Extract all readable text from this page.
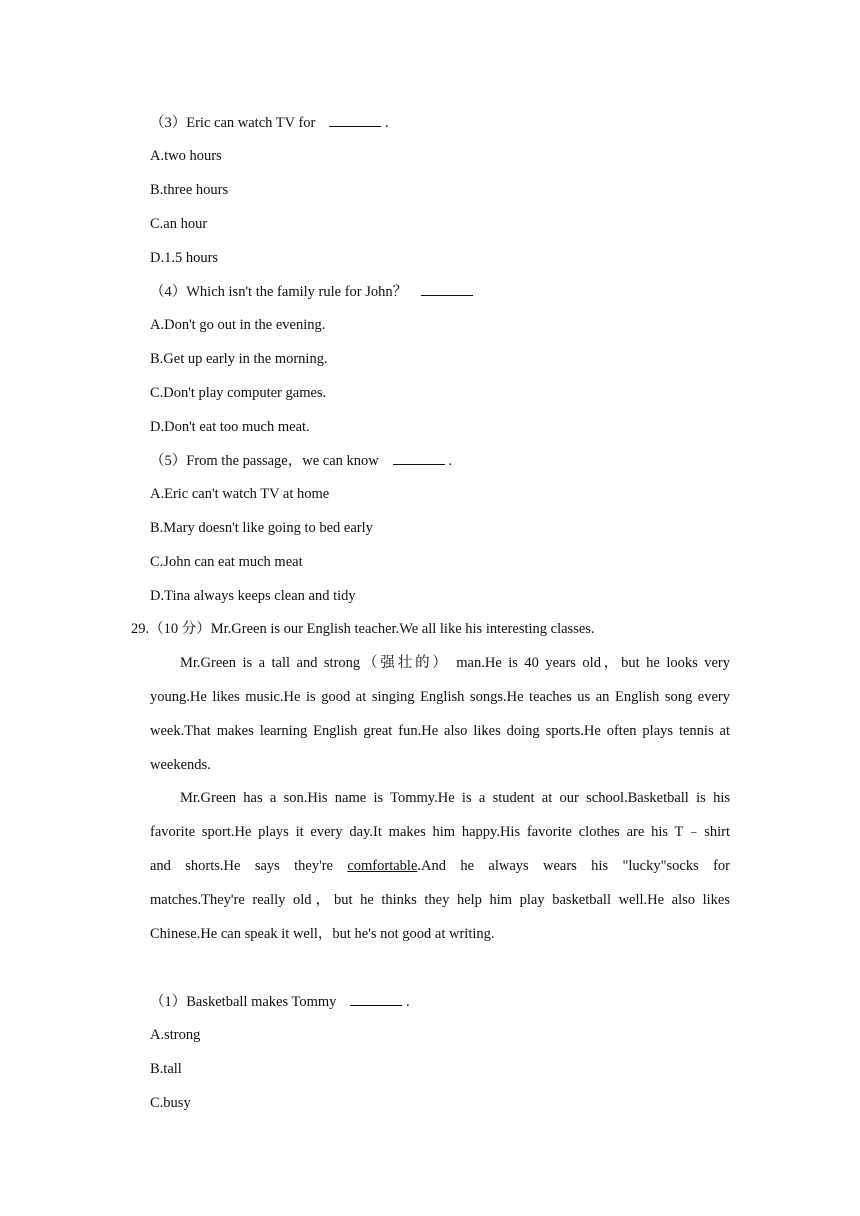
（3）Eric can watch TV for	.
A.two hours
B.three hours
C.an hour
D.1.5 hours
（4）Which isn't the family rule for John？
A.Don't go out in the evening.
B.Get up early in the morning.
C.Don't play computer games.
D.Don't eat too much meat.
（5）From the passage，we can know	.
A.Eric can't watch TV at home
B.Mary doesn't like going to bed early
C.John can eat much meat
D.Tina always keeps clean and tidy
29.（10 分）Mr.Green is our English teacher.We all like his interesting classes.
Mr.Green is a tall and strong（强壮的） man.He is 40 years old，but he looks very
young.He likes music.He is good at singing English songs.He teaches us an English song every
week.That makes learning English great fun.He also likes doing sports.He often plays tennis at
weekends.
Mr.Green has a son.His name is Tommy.He is a student at our school.Basketball is his
favorite sport.He plays it every day.It makes him happy.His favorite clothes are his T﹣shirt
and shorts.He says they're comfortable.And he always wears his "lucky"socks for
matches.They're really old，but he thinks they help him play basketball well.He also likes
Chinese.He can speak it well，but he's not good at writing.
（1）Basketball makes Tommy	.
A.strong
B.tall
C.busy
